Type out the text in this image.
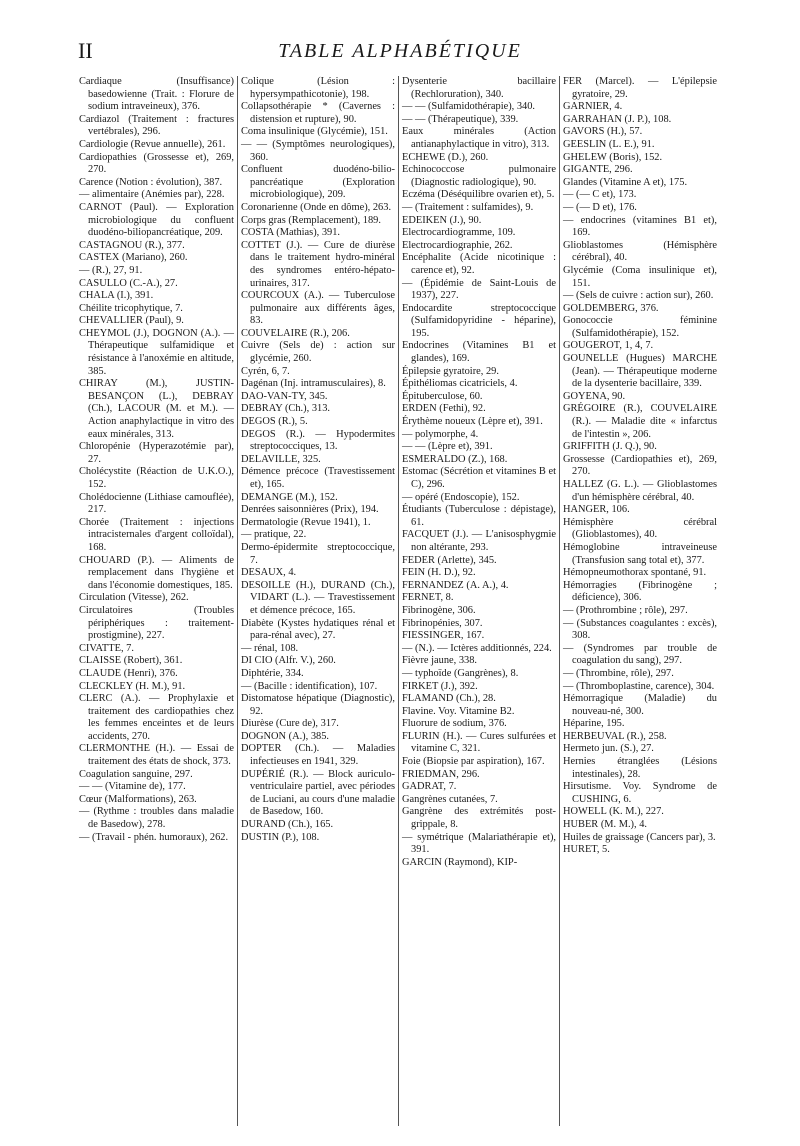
II	TABLE ALPHABÉTIQUE

Cardiaque (Insuffisance) basedowienne (Trait. : Florure de sodium intraveineux), 376.

Cardiazol (Traitement : fractures vertébrales), 296.

Cardiologie (Revue annuelle), 261.

Cardiopathies (Grossesse et), 269, 270.

Carence (Notion : évolution), 387.

— alimentaire (Anémies par), 228.

CARNOT (Paul). — Exploration microbiologique du confluent duodéno-biliopancréatique, 209.

CASTAGNOU (R.), 377.

CASTEX (Mariano), 260.

— (R.), 27, 91.

CASULLO (C.-A.), 27.

CHALA (I.), 391.

Chéilite tricophytique, 7.

CHEVALLIER (Paul), 9.

CHEYMOL (J.), DOGNON (A.). — Thérapeutique sulfamidique et résistance à l'anoxémie en altitude, 385.

CHIRAY (M.), JUSTIN-BESANÇON (L.), DEBRAY (Ch.), LACOUR (M. et M.). — Action anaphylactique in vitro des eaux minérales, 313.

Chloropénie (Hyperazotémie par), 27.

Cholécystite (Réaction de U.K.O.), 152.

Cholédocienne (Lithiase camouflée), 217.

Chorée (Traitement : injections intracisternales d'argent colloïdal), 168.

CHOUARD (P.). — Aliments de remplacement dans l'hygiène et dans l'économie domestiques, 185.

Circulation (Vitesse), 262.

Circulatoires (Troubles périphériques : traitement-prostigmine), 227.

CIVATTE, 7.

CLAISSE (Robert), 361.

CLAUDE (Henri), 376.

CLECKLEY (H. M.), 91.

CLERC (A.). — Prophylaxie et traitement des cardiopathies chez les femmes enceintes et de leurs accidents, 270.

CLERMONTHE (H.). — Essai de traitement des états de shock, 373.

Coagulation sanguine, 297.

— — (Vitamine de), 177.

Cœur (Malformations), 263.

— (Rythme : troubles dans maladie de Basedow), 278.

— (Travail - phén. humoraux), 262.

Colique (Lésion : hypersympathicotonie), 198.

Collapsothérapie * (Cavernes : distension et rupture), 90.

Coma insulinique (Glycémie), 151.

— — (Symptômes neurologiques), 360.

Confluent duodéno-bilio-pancréatique (Exploration microbiologique), 209.

Coronarienne (Onde en dôme), 263.

Corps gras (Remplacement), 189.

COSTA (Mathias), 391.

COTTET (J.). — Cure de diurèse dans le traitement hydro-minéral des syndromes entéro-hépato-urinaires, 317.

COURCOUX (A.). — Tuberculose pulmonaire aux différents âges, 83.

COUVELAIRE (R.), 206.

Cuivre (Sels de) : action sur glycémie, 260.

Cyrén, 6, 7.

Dagénan (Inj. intramusculaires), 8.

DAO-VAN-TY, 345.

DEBRAY (Ch.), 313.

DEGOS (R.), 5.

DEGOS (R.). — Hypodermites streptococciques, 13.

DELAVILLE, 325.

Démence précoce (Travestissement et), 165.

DEMANGE (M.), 152.

Denrées saisonnières (Prix), 194.

Dermatologie (Revue 1941), 1.

— pratique, 22.

Dermo-épidermite streptococcique, 7.

DESAUX, 4.

DESOILLE (H.), DURAND (Ch.), VIDART (L.). — Travestissement et démence précoce, 165.

Diabète (Kystes hydatiques rénal et para-rénal avec), 27.

— rénal, 108.

DI CIO (Alfr. V.), 260.

Diphtérie, 334.

— (Bacille : identification), 107.

Distomatose hépatique (Diagnostic), 92.

Diurèse (Cure de), 317.

DOGNON (A.), 385.

DOPTER (Ch.). — Maladies infectieuses en 1941, 329.

DUPÉRIÉ (R.). — Block auriculo-ventriculaire partiel, avec périodes de Luciani, au cours d'une maladie de Basedow, 160.

DURAND (Ch.), 165.

DUSTIN (P.), 108.

Dysenterie bacillaire (Rechloruration), 340.

— — (Sulfamidothérapie), 340.

— — (Thérapeutique), 339.

Eaux minérales (Action antianaphylactique in vitro), 313.

ECHEWE (D.), 260.

Echinococcose pulmonaire (Diagnostic radiologique), 90.

Eczéma (Déséquilibre ovarien et), 5.

— (Traitement : sulfamides), 9.

EDEIKEN (J.), 90.

Electrocardiogramme, 109.

Electrocardiographie, 262.

Encéphalite (Acide nicotinique : carence et), 92.

— (Épidémie de Saint-Louis de 1937), 227.

Endocardite streptococcique (Sulfamidopyridine - héparine), 195.

Endocrines (Vitamines B1 et glandes), 169.

Épilepsie gyratoire, 29.

Épithéliomas cicatriciels, 4.

Épituberculose, 60.

ERDEN (Fethi), 92.

Érythème noueux (Lèpre et), 391.

— polymorphe, 4.

— — (Lèpre et), 391.

ESMERALDO (Z.), 168.

Estomac (Sécrétion et vitamines B et C), 296.

— opéré (Endoscopie), 152.

Étudiants (Tuberculose : dépistage), 61.

FACQUET (J.). — L'anisosphygmie non altérante, 293.

FEDER (Arlette), 345.

FEIN (H. D.), 92.

FERNANDEZ (A. A.), 4.

FERNET, 8.

Fibrinogène, 306.

Fibrinopénies, 307.

FIESSINGER, 167.

— (N.). — Ictères additionnés, 224.

Fièvre jaune, 338.

— typhoïde (Gangrènes), 8.

FIRKET (J.), 392.

FLAMAND (Ch.), 28.

Flavine. Voy. Vitamine B2.

Fluorure de sodium, 376.

FLURIN (H.). — Cures sulfurées et vitamine C, 321.

Foie (Biopsie par aspiration), 167.

FRIEDMAN, 296.

GADRAT, 7.

Gangrènes cutanées, 7.

Gangrène des extrémités post-grippale, 8.

— symétrique (Malariathérapie et), 391.

GARCIN (Raymond), KIP-

FER (Marcel). — L'épilepsie gyratoire, 29.

GARNIER, 4.

GARRAHAN (J. P.), 108.

GAVORS (H.), 57.

GEESLIN (L. E.), 91.

GHELEW (Boris), 152.

GIGANTE, 296.

Glandes (Vitamine A et), 175.

— (— C et), 173.

— (— D et), 176.

— endocrines (vitamines B1 et), 169.

Glioblastomes (Hémisphère cérébral), 40.

Glycémie (Coma insulinique et), 151.

— (Sels de cuivre : action sur), 260.

GOLDEMBERG, 376.

Gonococcie féminine (Sulfamidothérapie), 152.

GOUGEROT, 1, 4, 7.

GOUNELLE (Hugues) MARCHE (Jean). — Thérapeutique moderne de la dysenterie bacillaire, 339.

GOYENA, 90.

GRÉGOIRE (R.), COUVELAIRE (R.). — Maladie dite « infarctus de l'intestin », 206.

GRIFFITH (J. Q.), 90.

Grossesse (Cardiopathies et), 269, 270.

HALLEZ (G. L.). — Glioblastomes d'un hémisphère cérébral, 40.

HANGER, 106.

Hémisphère cérébral (Glioblastomes), 40.

Hémoglobine intraveineuse (Transfusion sang total et), 377.

Hémopneumothorax spontané, 91.

Hémorragies (Fibrinogène ; déficience), 306.

— (Prothrombine ; rôle), 297.

— (Substances coagulantes : excès), 308.

— (Syndromes par trouble de coagulation du sang), 297.

— (Thrombine, rôle), 297.

— (Thromboplastine, carence), 304.

Hémorragique (Maladie) du nouveau-né, 300.

Héparine, 195.

HERBEUVAL (R.), 258.

Hermeto jun. (S.), 27.

Hernies étranglées (Lésions intestinales), 28.

Hirsutisme. Voy. Syndrome de CUSHING, 6.

HOWELL (K. M.), 227.

HUBER (M. M.), 4.

Huiles de graissage (Cancers par), 3.

HURET, 5.
